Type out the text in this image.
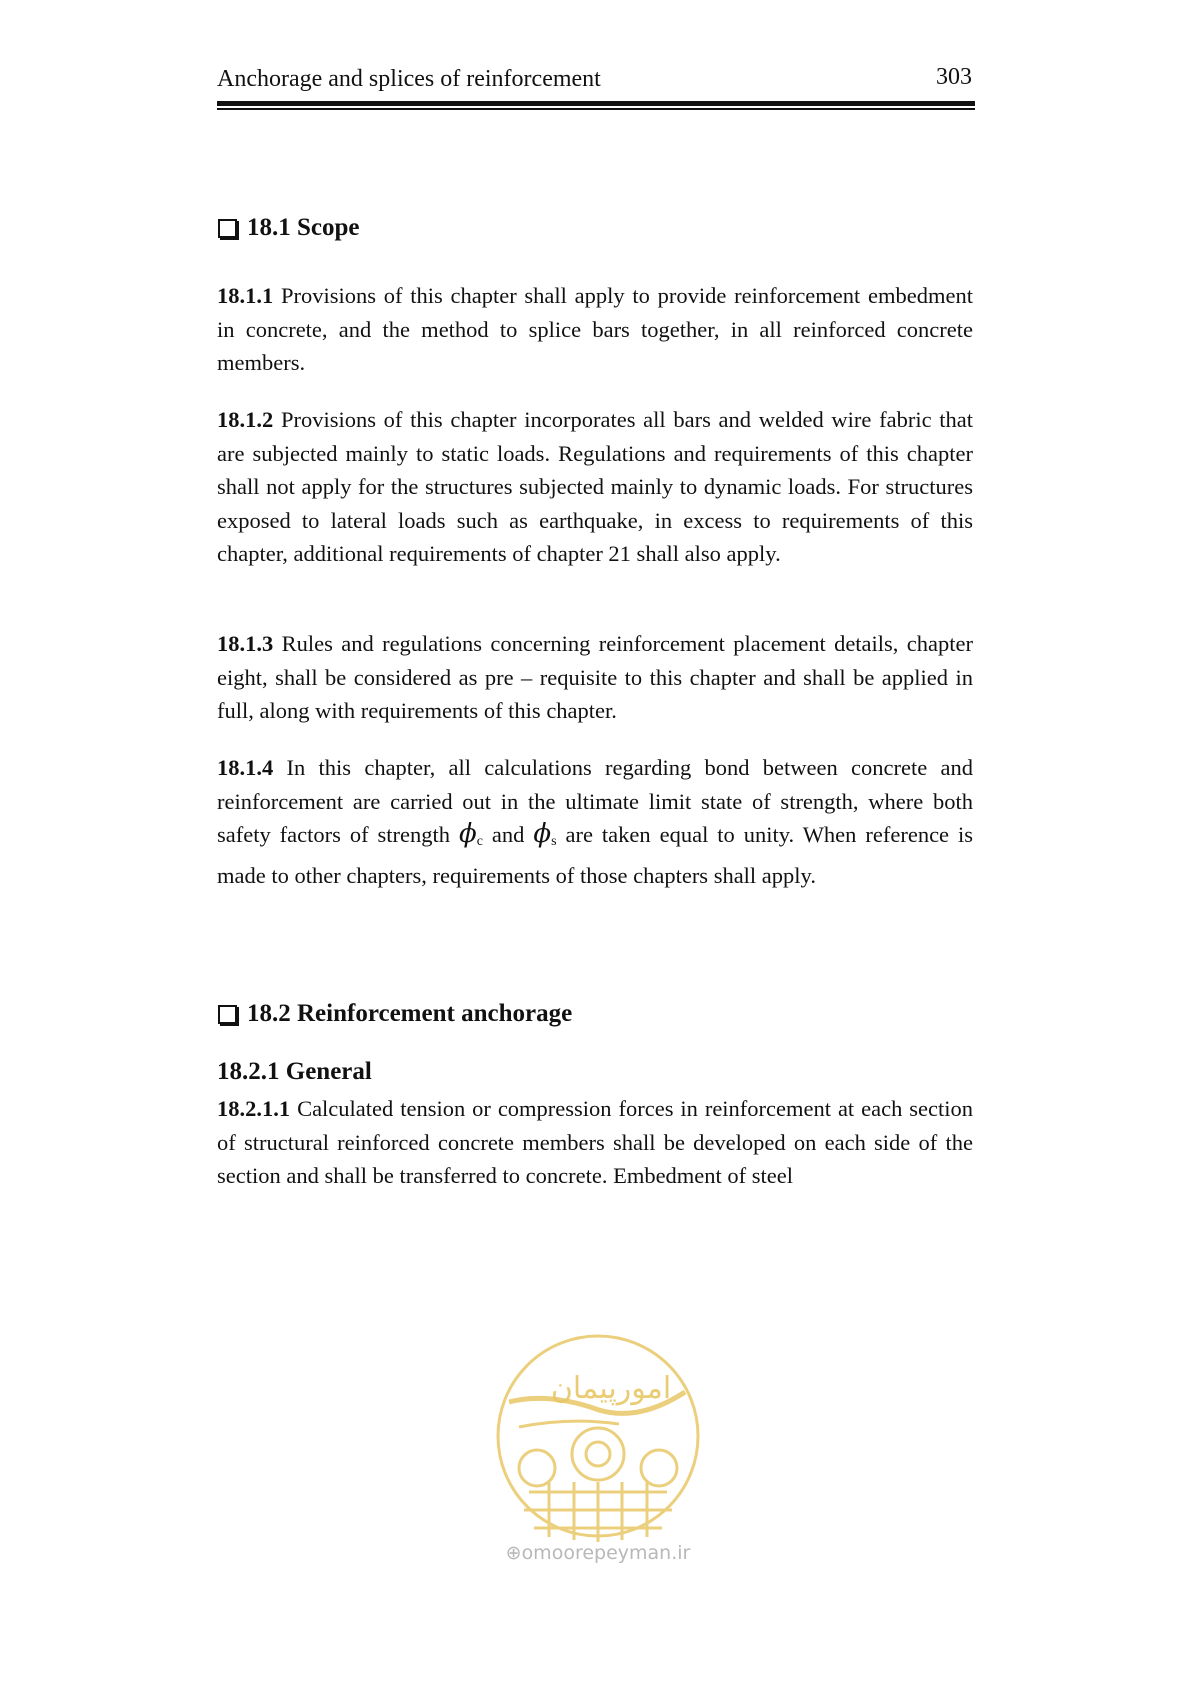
Anchorage and splices of reinforcement	303
18.1 Scope

18.1.1 Provisions of this chapter shall apply to provide reinforcement embedment in concrete, and the method to splice bars together, in all reinforced concrete members.

18.1.2 Provisions of this chapter incorporates all bars and welded wire fabric that are subjected mainly to static loads. Regulations and requirements of this chapter shall not apply for the structures subjected mainly to dynamic loads. For structures exposed to lateral loads such as earthquake, in excess to requirements of this chapter, additional requirements of chapter 21 shall also apply.

18.1.3 Rules and regulations concerning reinforcement placement details, chapter eight, shall be considered as pre – requisite to this chapter and shall be applied in full, along with requirements of this chapter.

18.1.4 In this chapter, all calculations regarding bond between concrete and reinforcement are carried out in the ultimate limit state of strength, where both safety factors of strength ϕc and ϕs are taken equal to unity. When reference is made to other chapters, requirements of those chapters shall apply.

18.2 Reinforcement anchorage
18.2.1 General

18.2.1.1 Calculated tension or compression forces in reinforcement at each section of structural reinforced concrete members shall be developed on each side of the section and shall be transferred to concrete. Embedment of steel

امورپیمان
⊕omoorepeyman.ir
